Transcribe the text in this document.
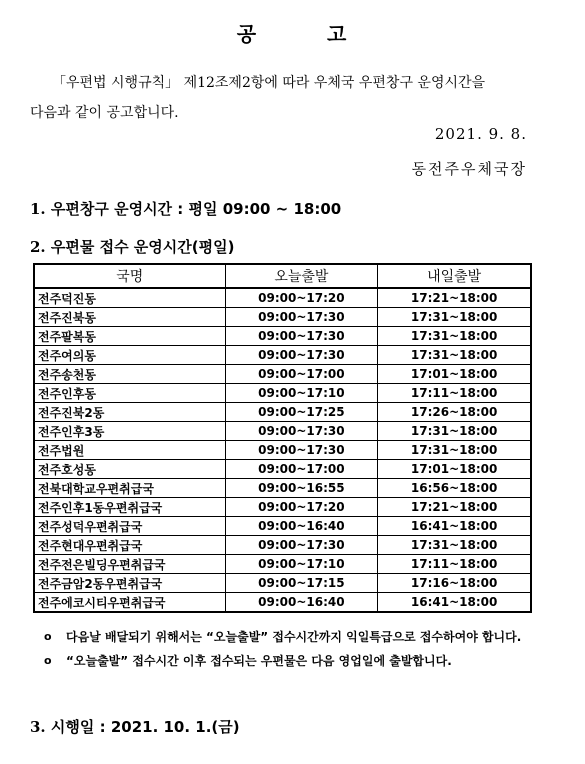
공 고
「우편법 시행규칙」 제12조제2항에 따라 우체국 우편창구 운영시간을
다음과 같이 공고합니다.
2021. 9. 8.
동전주우체국장
1. 우편창구 운영시간 : 평일 09:00 ~ 18:00
2. 우편물 접수 운영시간(평일)
국명	오늘출발	내일출발
전주덕진동	09:00~17:20	17:21~18:00
전주진북동	09:00~17:30	17:31~18:00
전주팔복동	09:00~17:30	17:31~18:00
전주여의동	09:00~17:30	17:31~18:00
전주송천동	09:00~17:00	17:01~18:00
전주인후동	09:00~17:10	17:11~18:00
전주진북2동	09:00~17:25	17:26~18:00
전주인후3동	09:00~17:30	17:31~18:00
전주법원	09:00~17:30	17:31~18:00
전주호성동	09:00~17:00	17:01~18:00
전북대학교우편취급국	09:00~16:55	16:56~18:00
전주인후1동우편취급국	09:00~17:20	17:21~18:00
전주성덕우편취급국	09:00~16:40	16:41~18:00
전주현대우편취급국	09:00~17:30	17:31~18:00
전주전은빌딩우편취급국	09:00~17:10	17:11~18:00
전주금암2동우편취급국	09:00~17:15	17:16~18:00
전주에코시티우편취급국	09:00~16:40	16:41~18:00
o	다음날 배달되기 위해서는 “오늘출발” 접수시간까지 익일특급으로 접수하여야 합니다.
o	“오늘출발” 접수시간 이후 접수되는 우편물은 다음 영업일에 출발합니다.
3. 시행일 : 2021. 10. 1.(금)
